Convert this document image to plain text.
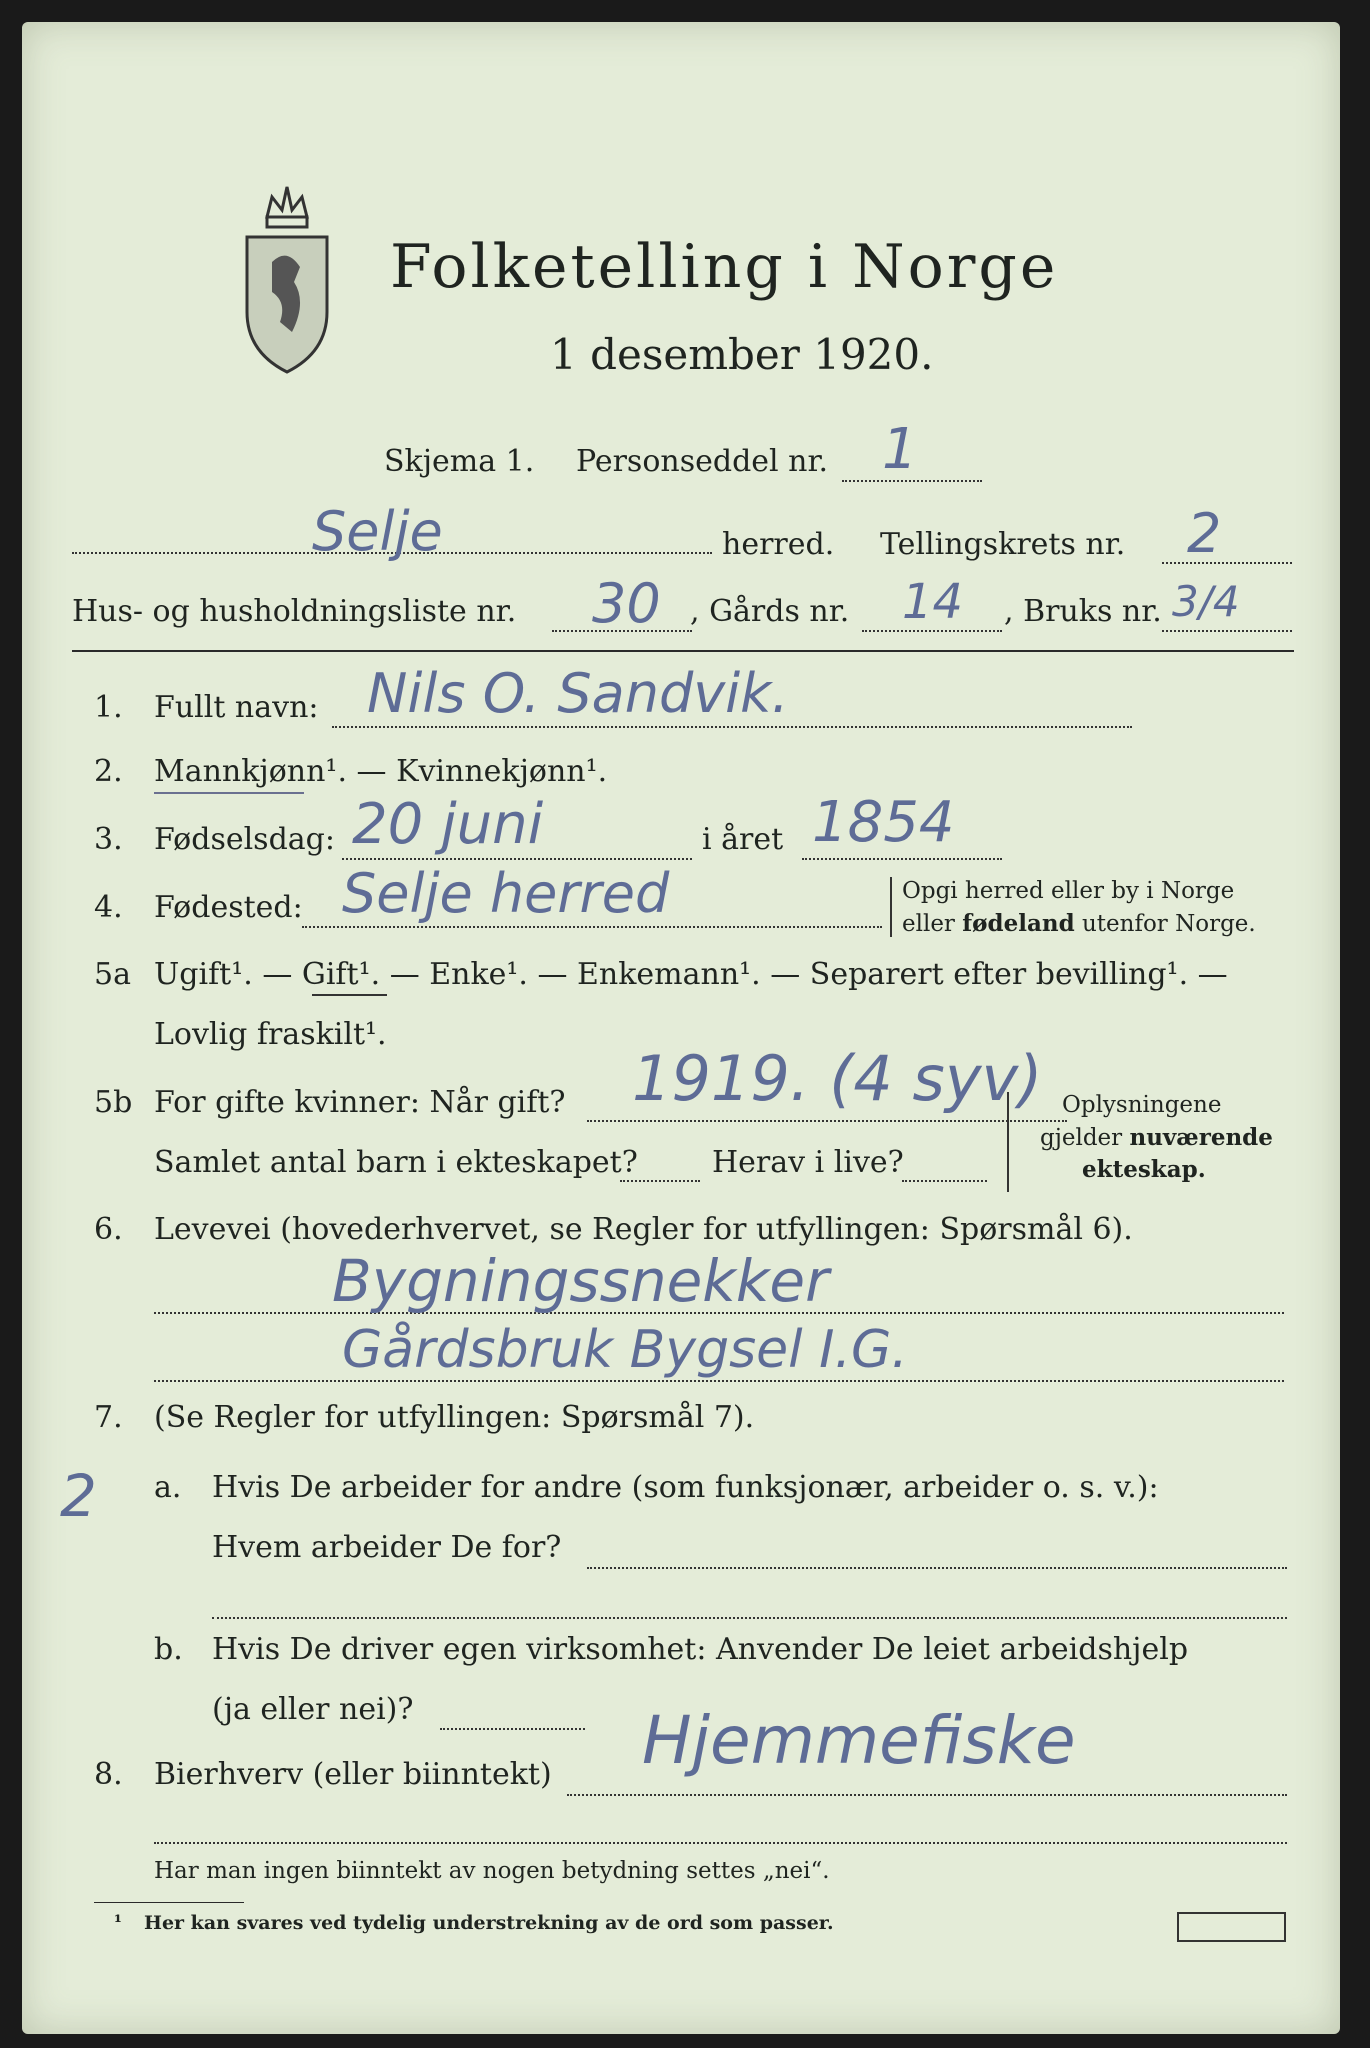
Folketelling i Norge
1 desember 1920.
Skjema 1. Personseddel nr. 1
Selje	herred. Tellingskrets nr. 2
Hus- og husholdningsliste nr. 30 , Gårds nr. 14 , Bruks nr. 3/4
1. Fullt navn: Nils O. Sandvik.
2. Mannkjønn¹. — Kvinnekjønn¹.
3. Fødselsdag: 20 juni	i året 1854
4. Fødested: Selje herred	Opgi herred eller by i Norge
eller fødeland utenfor Norge.
5a Ugift¹. — Gift¹. — Enke¹. — Enkemann¹. — Separert efter bevilling¹. —
Lovlig fraskilt¹.
5b For gifte kvinner: Når gift? 1919. (4 syv)
Samlet antal barn i ekteskapet? Herav i live?
Oplysningene
gjelder nuværende
ekteskap.
6. Levevei (hovederhvervet, se Regler for utfyllingen: Spørsmål 6).
Bygningssnekker
Gårdsbruk Bygsel I.G.
7. (Se Regler for utfyllingen: Spørsmål 7).
a. Hvis De arbeider for andre (som funksjonær, arbeider o. s. v.):
Hvem arbeider De for?
b. Hvis De driver egen virksomhet: Anvender De leiet arbeidshjelp
(ja eller nei)?
8. Bierhverv (eller biinntekt) Hjemmefiske
Har man ingen biinntekt av nogen betydning settes „nei“.
¹ Her kan svares ved tydelig understrekning av de ord som passer.
2
